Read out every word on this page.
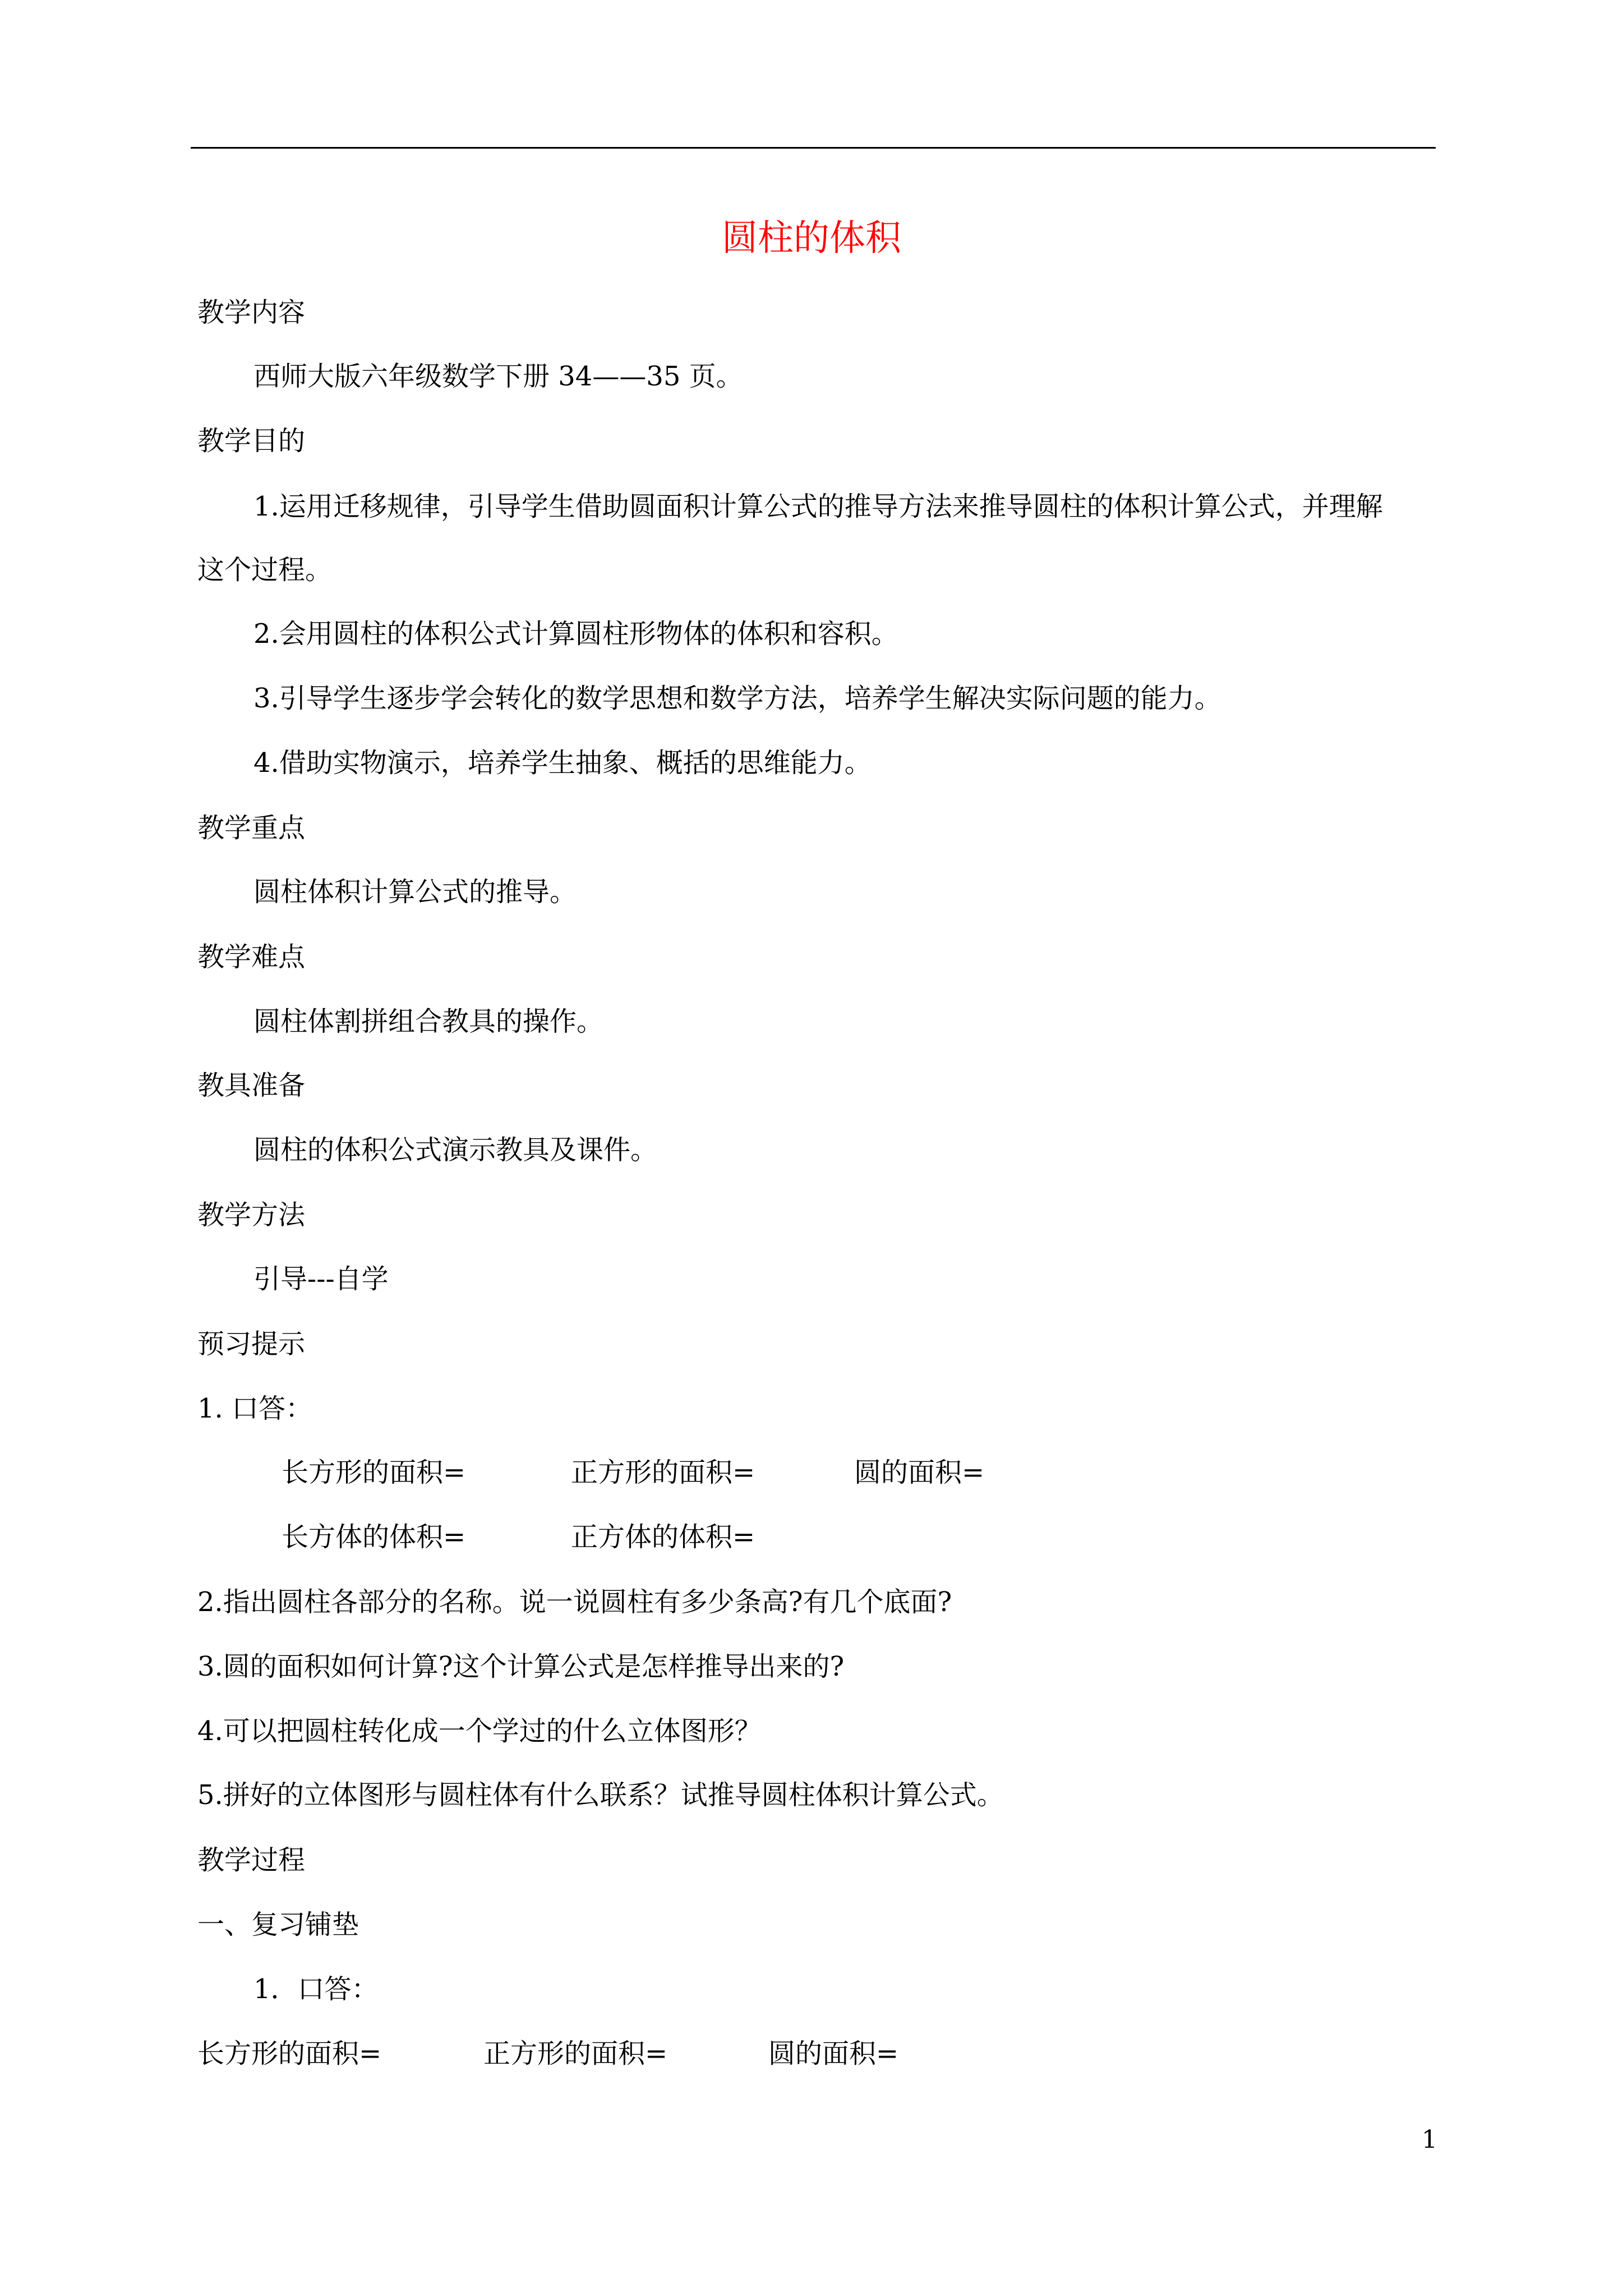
圆柱的体积
教学内容
西师大版六年级数学下册 34——35 页。
教学目的
1.运用迁移规律，引导学生借助圆面积计算公式的推导方法来推导圆柱的体积计算公式，并理解
这个过程。
2.会用圆柱的体积公式计算圆柱形物体的体积和容积。
3.引导学生逐步学会转化的数学思想和数学方法，培养学生解决实际问题的能力。
4.借助实物演示，培养学生抽象、概括的思维能力。
教学重点
圆柱体积计算公式的推导。
教学难点
圆柱体割拼组合教具的操作。
教具准备
圆柱的体积公式演示教具及课件。
教学方法
引导---自学
预习提示
1. 口答：
长方形的面积=	正方形的面积=	圆的面积=
长方体的体积=	正方体的体积=
2.指出圆柱各部分的名称。说一说圆柱有多少条高?有几个底面?
3.圆的面积如何计算?这个计算公式是怎样推导出来的?
4.可以把圆柱转化成一个学过的什么立体图形？
5.拼好的立体图形与圆柱体有什么联系？试推导圆柱体积计算公式。
教学过程
一、复习铺垫
1．口答：
长方形的面积=	正方形的面积=	圆的面积=
1
